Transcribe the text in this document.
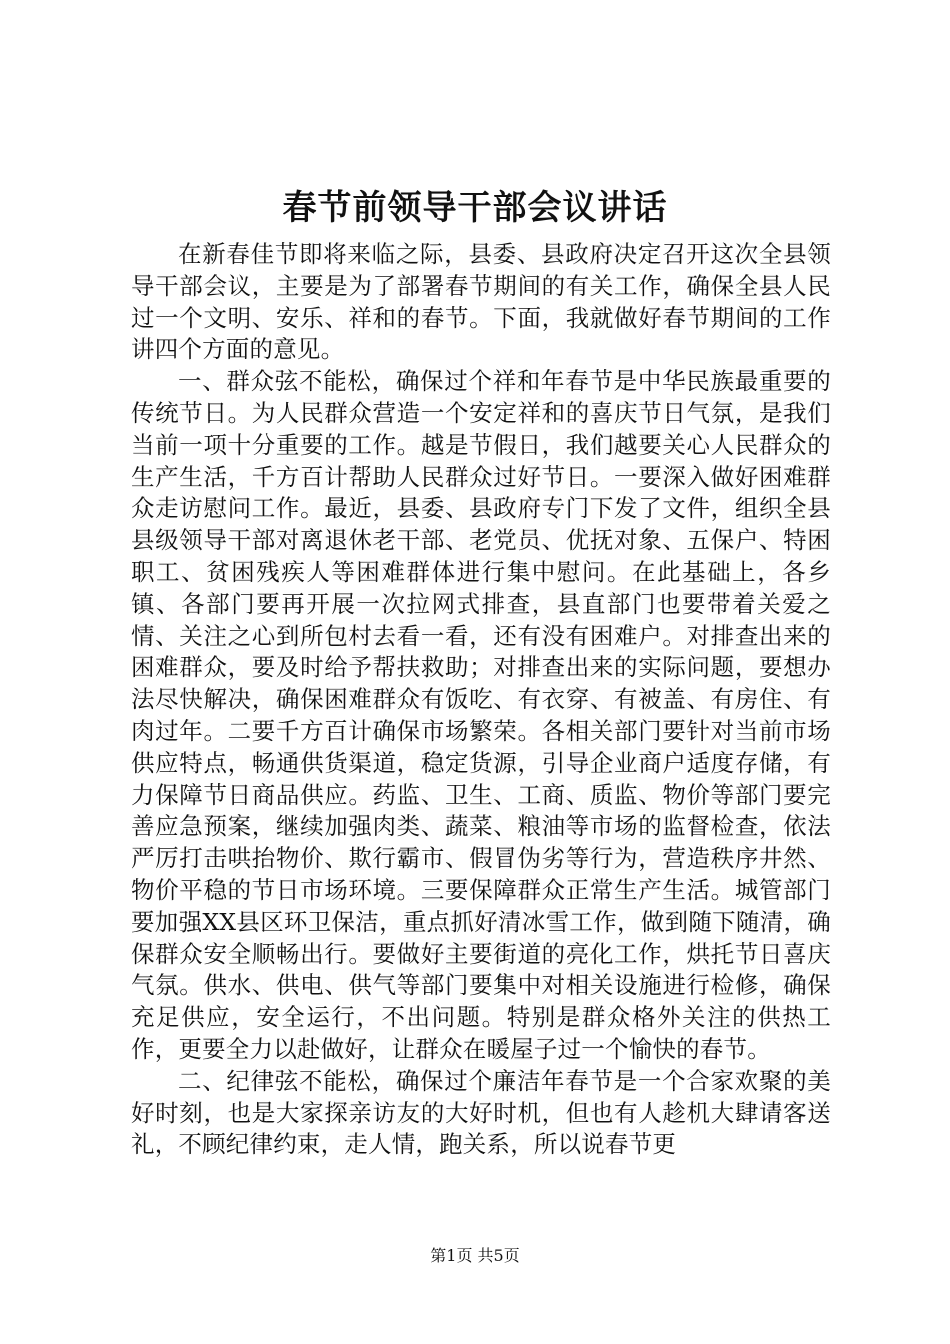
春节前领导干部会议讲话

在新春佳节即将来临之际，县委、县政府决定召开这次全县领导干部会议，主要是为了部署春节期间的有关工作，确保全县人民过一个文明、安乐、祥和的春节。下面，我就做好春节期间的工作讲四个方面的意见。

一、群众弦不能松，确保过个祥和年春节是中华民族最重要的传统节日。为人民群众营造一个安定祥和的喜庆节日气氛，是我们当前一项十分重要的工作。越是节假日，我们越要关心人民群众的生产生活，千方百计帮助人民群众过好节日。一要深入做好困难群众走访慰问工作。最近，县委、县政府专门下发了文件，组织全县县级领导干部对离退休老干部、老党员、优抚对象、五保户、特困职工、贫困残疾人等困难群体进行集中慰问。在此基础上，各乡镇、各部门要再开展一次拉网式排查，县直部门也要带着关爱之情、关注之心到所包村去看一看，还有没有困难户。对排查出来的困难群众，要及时给予帮扶救助；对排查出来的实际问题，要想办法尽快解决，确保困难群众有饭吃、有衣穿、有被盖、有房住、有肉过年。二要千方百计确保市场繁荣。各相关部门要针对当前市场供应特点，畅通供货渠道，稳定货源，引导企业商户适度存储，有力保障节日商品供应。药监、卫生、工商、质监、物价等部门要完善应急预案，继续加强肉类、蔬菜、粮油等市场的监督检查，依法严厉打击哄抬物价、欺行霸市、假冒伪劣等行为，营造秩序井然、物价平稳的节日市场环境。三要保障群众正常生产生活。城管部门要加强XX县区环卫保洁，重点抓好清冰雪工作，做到随下随清，确保群众安全顺畅出行。要做好主要街道的亮化工作，烘托节日喜庆气氛。供水、供电、供气等部门要集中对相关设施进行检修，确保充足供应，安全运行，不出问题。特别是群众格外关注的供热工作，更要全力以赴做好，让群众在暖屋子过一个愉快的春节。

二、纪律弦不能松，确保过个廉洁年春节是一个合家欢聚的美好时刻，也是大家探亲访友的大好时机，但也有人趁机大肆请客送礼，不顾纪律约束，走人情，跑关系，所以说春节更

第1页 共5页
